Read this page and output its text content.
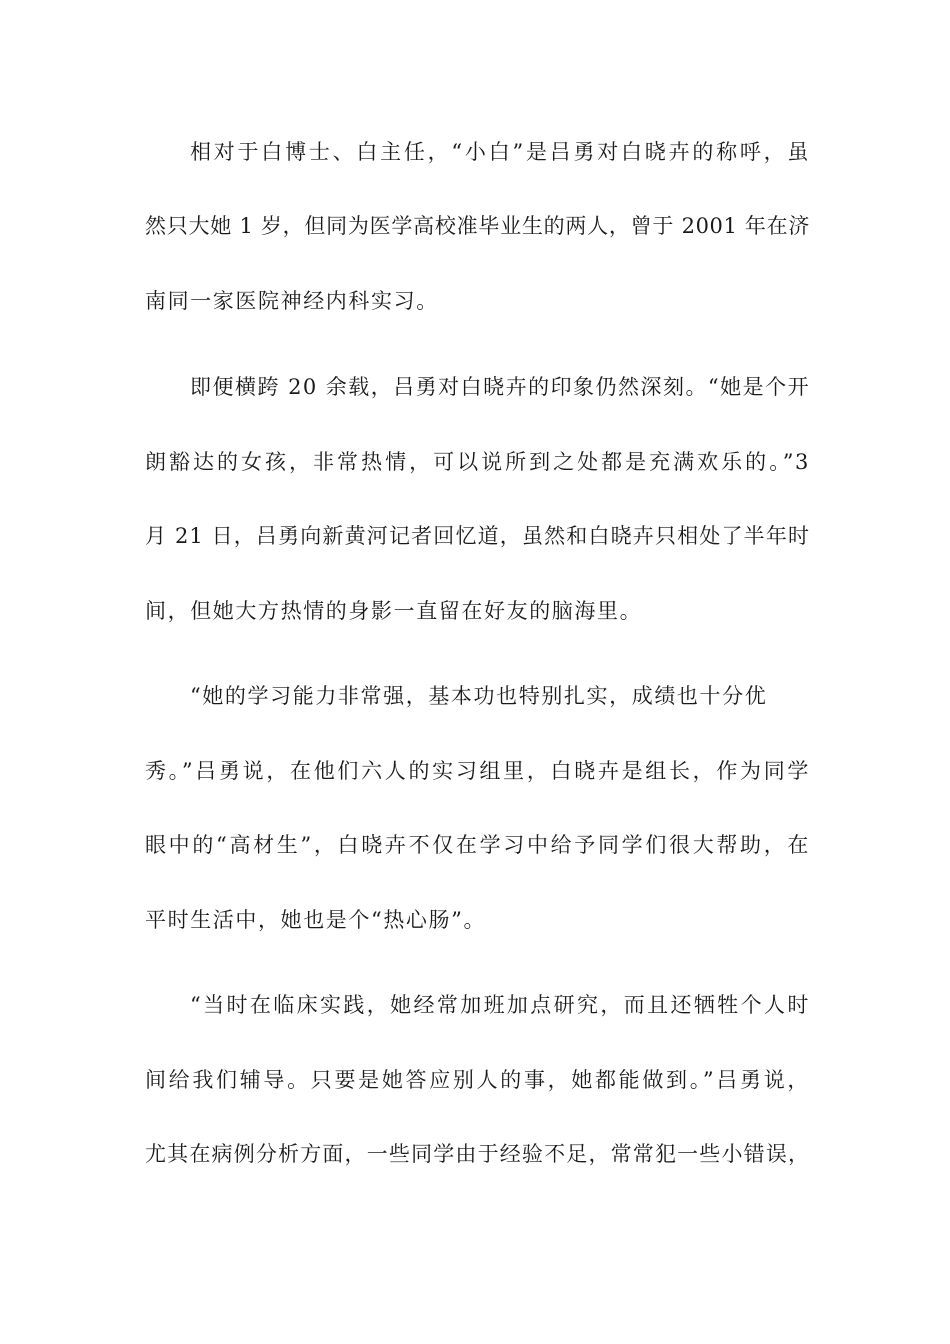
相对于白博士、白主任，“小白”是吕勇对白晓卉的称呼，虽
然只大她 1 岁，但同为医学高校准毕业生的两人，曾于 2001 年在济
南同一家医院神经内科实习。
即便横跨 20 余载，吕勇对白晓卉的印象仍然深刻。“她是个开
朗豁达的女孩，非常热情，可以说所到之处都是充满欢乐的。”3
月 21 日，吕勇向新黄河记者回忆道，虽然和白晓卉只相处了半年时
间，但她大方热情的身影一直留在好友的脑海里。
“她的学习能力非常强，基本功也特别扎实，成绩也十分优
秀。”吕勇说，在他们六人的实习组里，白晓卉是组长，作为同学
眼中的“高材生”，白晓卉不仅在学习中给予同学们很大帮助，在
平时生活中，她也是个“热心肠”。
“当时在临床实践，她经常加班加点研究，而且还牺牲个人时
间给我们辅导。只要是她答应别人的事，她都能做到。”吕勇说，
尤其在病例分析方面，一些同学由于经验不足，常常犯一些小错误，
